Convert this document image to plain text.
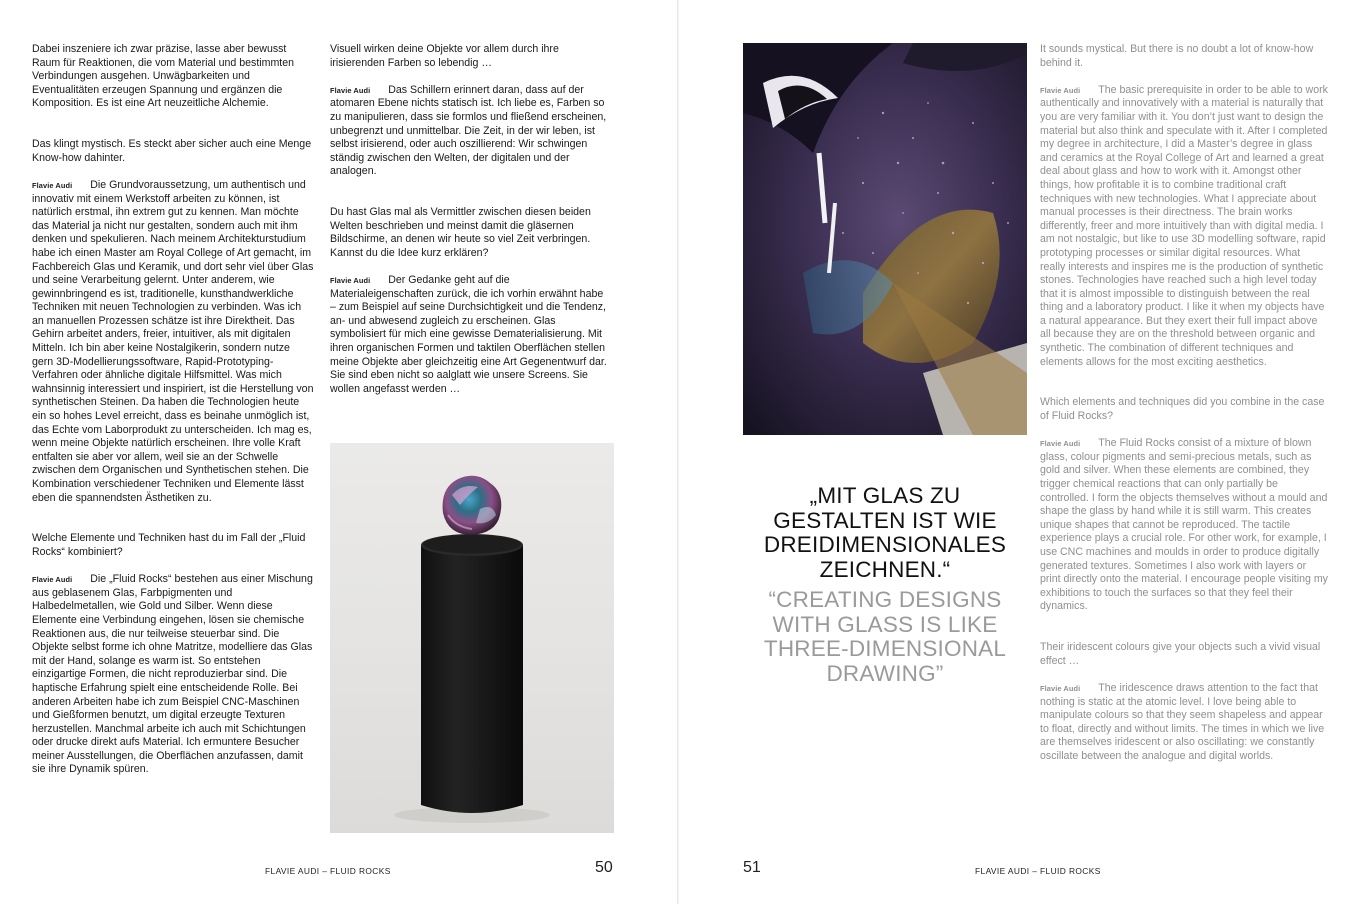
Dabei inszeniere ich zwar präzise, lasse aber bewusst Raum für Reaktionen, die vom Material und bestimmten Verbindungen ausgehen. Unwägbarkeiten und Eventualitäten erzeugen Spannung und ergänzen die Komposition. Es ist eine Art neuzeitliche Alchemie.

Das klingt mystisch. Es steckt aber sicher auch eine Menge Know-how dahinter.

Flavie Audi Die Grundvoraussetzung, um authentisch und innovativ mit einem Werkstoff arbeiten zu können, ist natürlich erstmal, ihn extrem gut zu kennen. Man möchte das Material ja nicht nur gestalten, sondern auch mit ihm denken und spekulieren. Nach meinem Architekturstudium habe ich einen Master am Royal College of Art gemacht, im Fachbereich Glas und Keramik, und dort sehr viel über Glas und seine Verarbeitung gelernt. Unter anderem, wie gewinnbringend es ist, traditionelle, kunsthandwerkliche Techniken mit neuen Technologien zu verbinden. Was ich an manuellen Prozessen schätze ist ihre Direktheit. Das Gehirn arbeitet anders, freier, intuitiver, als mit digitalen Mitteln. Ich bin aber keine Nostalgikerin, sondern nutze gern 3D-Modellierungssoftware, Rapid-Prototyping-Verfahren oder ähnliche digitale Hilfsmittel. Was mich wahnsinnig interessiert und inspiriert, ist die Herstellung von synthetischen Steinen. Da haben die Technologien heute ein so hohes Level erreicht, dass es beinahe unmöglich ist, das Echte vom Laborprodukt zu unterscheiden. Ich mag es, wenn meine Objekte natürlich erscheinen. Ihre volle Kraft entfalten sie aber vor allem, weil sie an der Schwelle zwischen dem Organischen und Synthetischen stehen. Die Kombination verschiedener Techniken und Elemente lässt eben die spannendsten Ästhetiken zu.

Welche Elemente und Techniken hast du im Fall der „Fluid Rocks“ kombiniert?

Flavie Audi Die „Fluid Rocks“ bestehen aus einer Mischung aus geblasenem Glas, Farbpigmenten und Halbedelmetallen, wie Gold und Silber. Wenn diese Elemente eine Verbindung eingehen, lösen sie chemische Reaktionen aus, die nur teilweise steuerbar sind. Die Objekte selbst forme ich ohne Matritze, modelliere das Glas mit der Hand, solange es warm ist. So entstehen einzigartige Formen, die nicht reproduzierbar sind. Die haptische Erfahrung spielt eine entscheidende Rolle. Bei anderen Arbeiten habe ich zum Beispiel CNC-Maschinen und Gießformen benutzt, um digital erzeugte Texturen herzustellen. Manchmal arbeite ich auch mit Schichtungen oder drucke direkt aufs Material. Ich ermuntere Besucher meiner Ausstellungen, die Oberflächen anzufassen, damit sie ihre Dynamik spüren.

Visuell wirken deine Objekte vor allem durch ihre irisierenden Farben so lebendig …

Flavie Audi Das Schillern erinnert daran, dass auf der atomaren Ebene nichts statisch ist. Ich liebe es, Farben so zu manipulieren, dass sie formlos und fließend erscheinen, unbegrenzt und unmittelbar. Die Zeit, in der wir leben, ist selbst irisierend, oder auch oszillierend: Wir schwingen ständig zwischen den Welten, der digitalen und der analogen.

Du hast Glas mal als Vermittler zwischen diesen beiden Welten beschrieben und meinst damit die gläsernen Bildschirme, an denen wir heute so viel Zeit verbringen. Kannst du die Idee kurz erklären?

Flavie Audi Der Gedanke geht auf die Materialeigenschaften zurück, die ich vorhin erwähnt habe – zum Beispiel auf seine Durchsichtigkeit und die Tendenz, an- und abwesend zugleich zu erscheinen. Glas symbolisiert für mich eine gewisse Dematerialisierung. Mit ihren organischen Formen und taktilen Oberflächen stellen meine Objekte aber gleichzeitig eine Art Gegenentwurf dar. Sie sind eben nicht so aalglatt wie unsere Screens. Sie wollen angefasst werden …

„MIT GLAS ZU GESTALTEN IST WIE DREIDIMENSIONALES ZEICHNEN.“
“CREATING DESIGNS WITH GLASS IS LIKE THREE-DIMENSIONAL DRAWING”

It sounds mystical. But there is no doubt a lot of know-how behind it.

Flavie Audi The basic prerequisite in order to be able to work authentically and innovatively with a material is naturally that you are very familiar with it. You don’t just want to design the material but also think and speculate with it. After I completed my degree in architecture, I did a Master’s degree in glass and ceramics at the Royal College of Art and learned a great deal about glass and how to work with it. Amongst other things, how profitable it is to combine traditional craft techniques with new technologies. What I appreciate about manual processes is their directness. The brain works differently, freer and more intuitively than with digital media. I am not nostalgic, but like to use 3D modelling software, rapid prototyping processes or similar digital resources. What really interests and inspires me is the production of synthetic stones. Technologies have reached such a high level today that it is almost impossible to distinguish between the real thing and a laboratory product. I like it when my objects have a natural appearance. But they exert their full impact above all because they are on the threshold between organic and synthetic. The combination of different techniques and elements allows for the most exciting aesthetics.

Which elements and techniques did you combine in the case of Fluid Rocks?

Flavie Audi The Fluid Rocks consist of a mixture of blown glass, colour pigments and semi-precious metals, such as gold and silver. When these elements are combined, they trigger chemical reactions that can only partially be controlled. I form the objects themselves without a mould and shape the glass by hand while it is still warm. This creates unique shapes that cannot be reproduced. The tactile experience plays a crucial role. For other work, for example, I use CNC machines and moulds in order to produce digitally generated textures. Sometimes I also work with layers or print directly onto the material. I encourage people visiting my exhibitions to touch the surfaces so that they feel their dynamics.

Their iridescent colours give your objects such a vivid visual effect …

Flavie Audi The iridescence draws attention to the fact that nothing is static at the atomic level. I love being able to manipulate colours so that they seem shapeless and appear to float, directly and without limits. The times in which we live are themselves iridescent or also oscillating: we constantly oscillate between the analogue and digital worlds.

FLAVIE AUDI – FLUID ROCKS	50	51	FLAVIE AUDI – FLUID ROCKS
